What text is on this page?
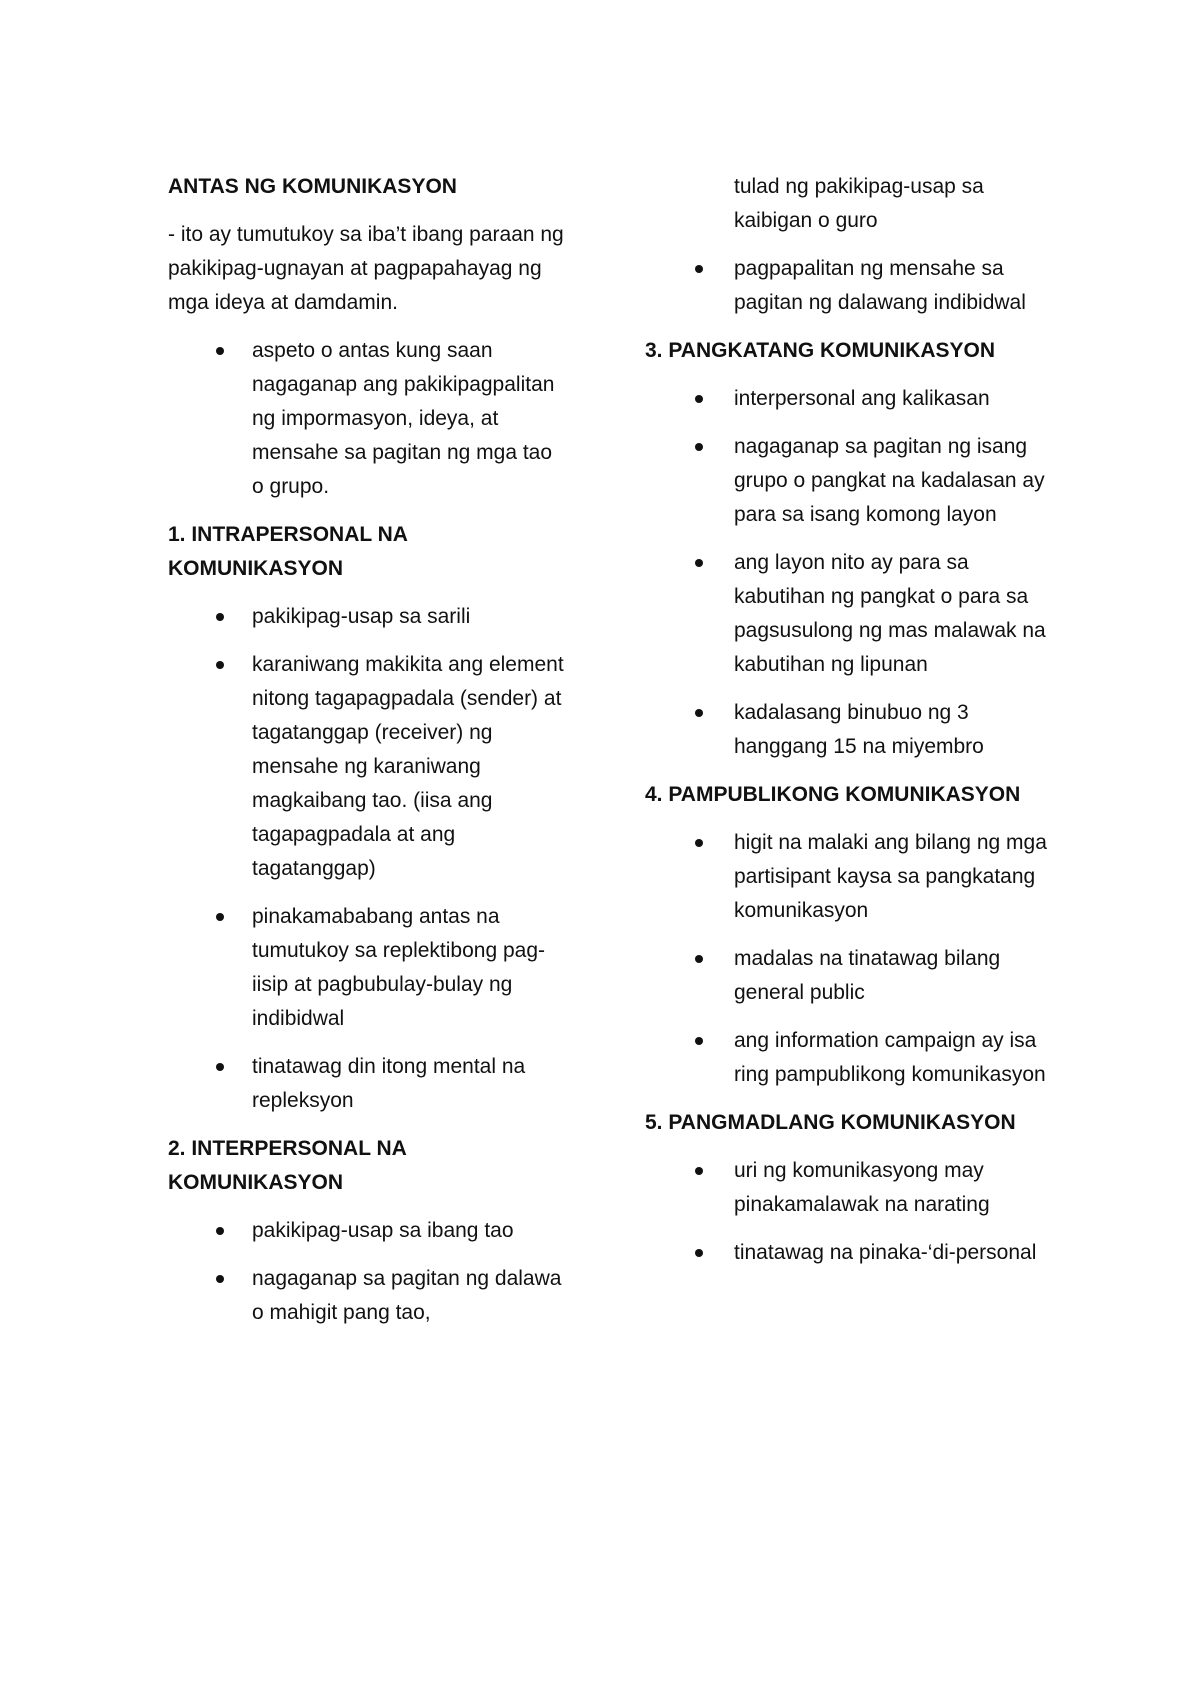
ANTAS NG KOMUNIKASYON
- ito ay tumutukoy sa iba’t ibang paraan ng pakikipag-ugnayan at pagpapahayag ng mga ideya at damdamin.
aspeto o antas kung saan nagaganap ang pakikipagpalitan ng impormasyon, ideya, at mensahe sa pagitan ng mga tao o grupo.
1. INTRAPERSONAL NA KOMUNIKASYON
pakikipag-usap sa sarili
karaniwang makikita ang element nitong tagapagpadala (sender) at tagatanggap (receiver) ng mensahe ng karaniwang magkaibang tao. (iisa ang tagapagpadala at ang tagatanggap)
pinakamababang antas na tumutukoy sa replektibong pag-iisip at pagbubulay-bulay ng indibidwal
tinatawag din itong mental na repleksyon
2. INTERPERSONAL NA KOMUNIKASYON
pakikipag-usap sa ibang tao
nagaganap sa pagitan ng dalawa o mahigit pang tao,
tulad ng pakikipag-usap sa kaibigan o guro
pagpapalitan ng mensahe sa pagitan ng dalawang indibidwal
3. PANGKATANG KOMUNIKASYON
interpersonal ang kalikasan
nagaganap sa pagitan ng isang grupo o pangkat na kadalasan ay para sa isang komong layon
ang layon nito ay para sa kabutihan ng pangkat o para sa pagsusulong ng mas malawak na kabutihan ng lipunan
kadalasang binubuo ng 3 hanggang 15 na miyembro
4. PAMPUBLIKONG KOMUNIKASYON
higit na malaki ang bilang ng mga partisipant kaysa sa pangkatang komunikasyon
madalas na tinatawag bilang general public
ang information campaign ay isa ring pampublikong komunikasyon
5. PANGMADLANG KOMUNIKASYON
uri ng komunikasyong may pinakamalawak na narating
tinatawag na pinaka-‘di-personal
